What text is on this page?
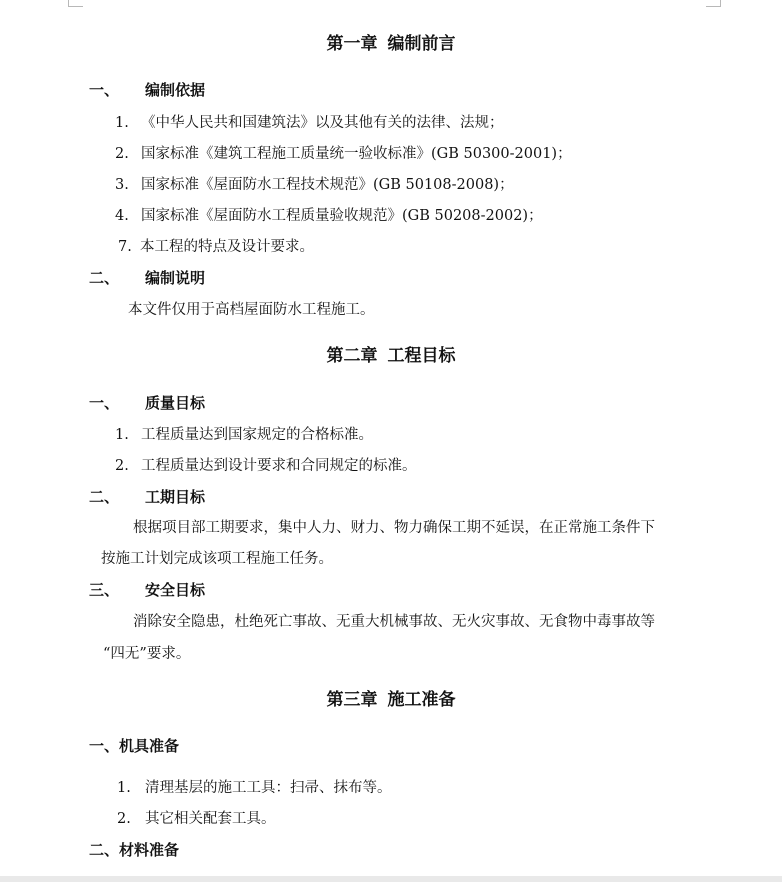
第一章 编制前言
一、 编制依据
1. 《中华人民共和国建筑法》以及其他有关的法律、法规；
2. 国家标准《建筑工程施工质量统一验收标准》(GB 50300-2001)；
3. 国家标准《屋面防水工程技术规范》(GB 50108-2008)；
4. 国家标准《屋面防水工程质量验收规范》(GB 50208-2002)；
7. 本工程的特点及设计要求。
二、 编制说明
本文件仅用于高档屋面防水工程施工。
第二章 工程目标
一、 质量目标
1. 工程质量达到国家规定的合格标准。
2. 工程质量达到设计要求和合同规定的标准。
二、 工期目标
根据项目部工期要求，集中人力、财力、物力确保工期不延误，在正常施工条件下
按施工计划完成该项工程施工任务。
三、 安全目标
消除安全隐患，杜绝死亡事故、无重大机械事故、无火灾事故、无食物中毒事故等
“四无”要求。
第三章 施工准备
一、机具准备
1. 清理基层的施工工具：扫帚、抹布等。
2. 其它相关配套工具。
二、材料准备
